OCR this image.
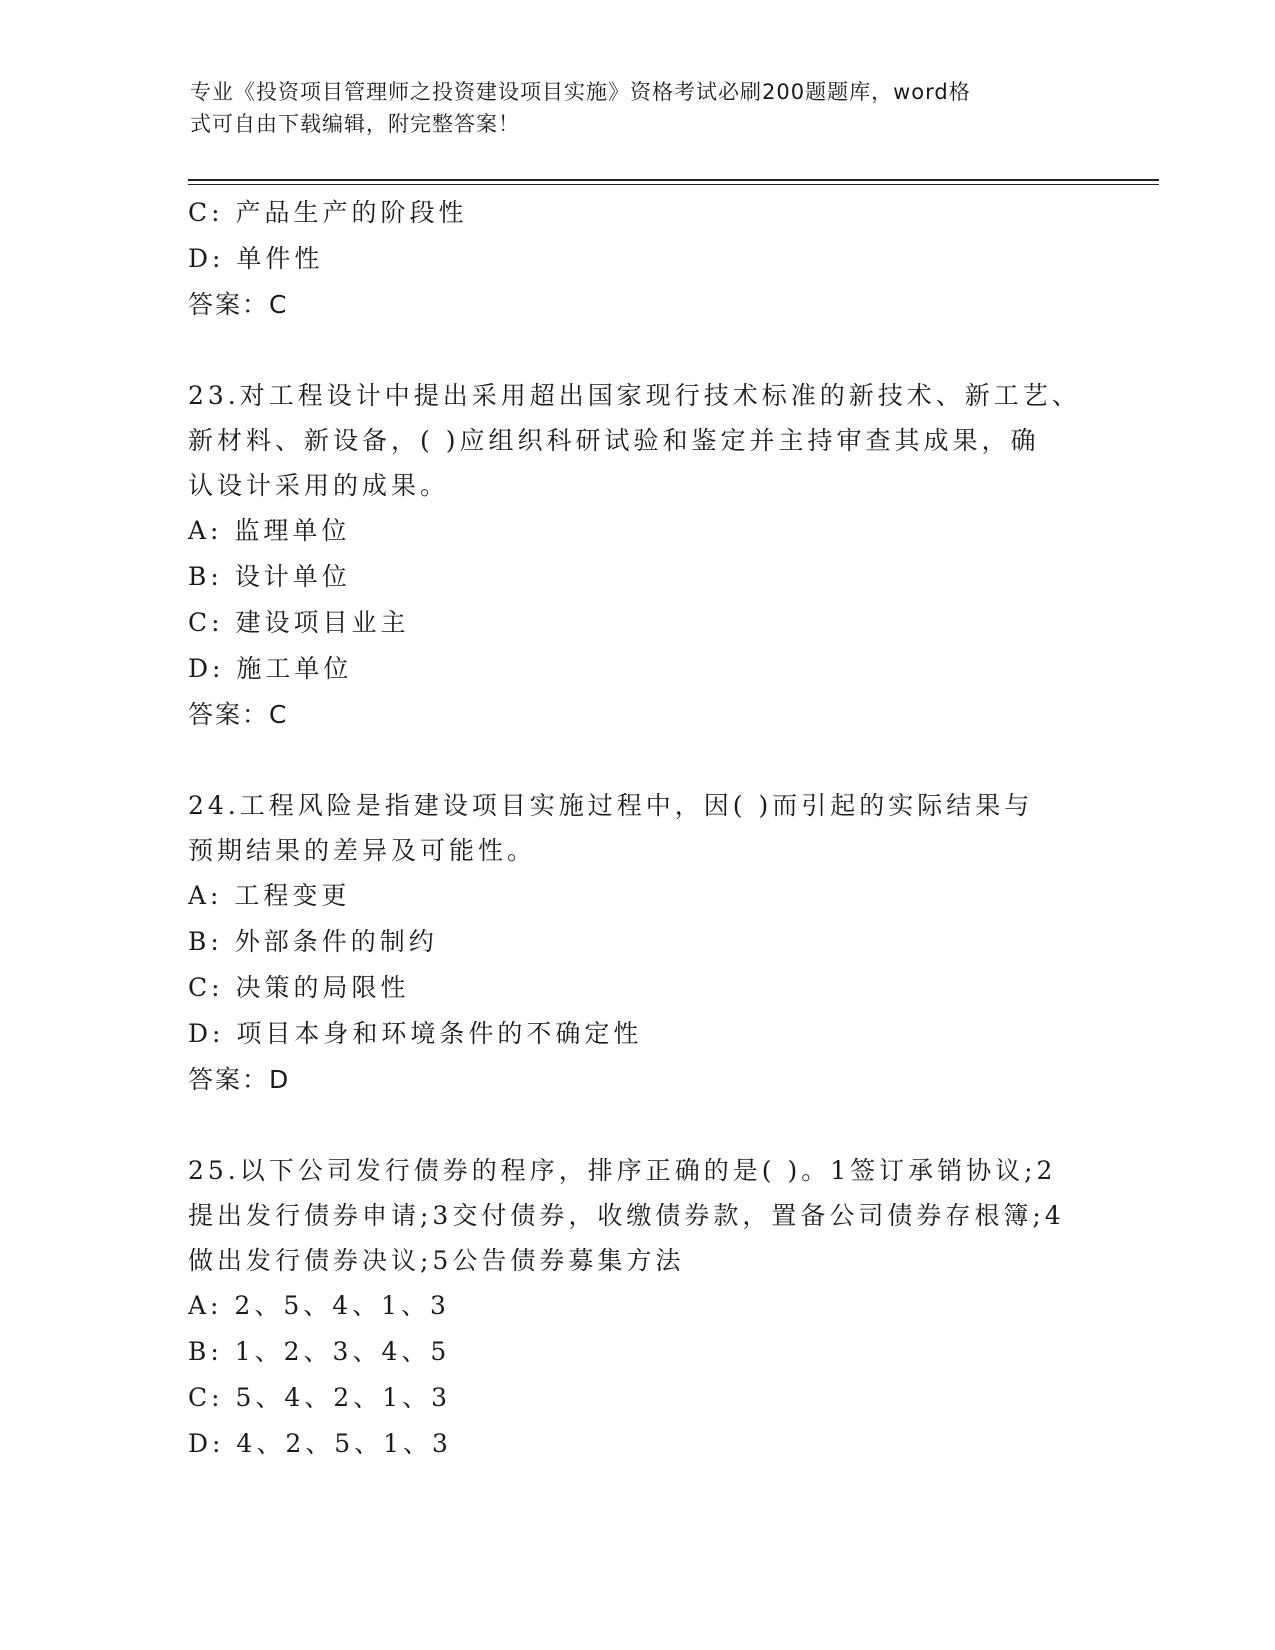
专业《投资项目管理师之投资建设项目实施》资格考试必刷200题题库，word格
式可自由下载编辑，附完整答案！
C: 产品生产的阶段性
D: 单件性
答案：C
23.对工程设计中提出采用超出国家现行技术标准的新技术、新工艺、
新材料、新设备，( )应组织科研试验和鉴定并主持审查其成果，确
认设计采用的成果。
A: 监理单位
B: 设计单位
C: 建设项目业主
D: 施工单位
答案：C
24.工程风险是指建设项目实施过程中，因( )而引起的实际结果与
预期结果的差异及可能性。
A: 工程变更
B: 外部条件的制约
C: 决策的局限性
D: 项目本身和环境条件的不确定性
答案：D
25.以下公司发行债券的程序，排序正确的是( )。1签订承销协议;2
提出发行债券申请;3交付债券，收缴债券款，置备公司债券存根簿;4
做出发行债券决议;5公告债券募集方法
A: 2、5、4、1、3
B: 1、2、3、4、5
C: 5、4、2、1、3
D: 4、2、5、1、3
